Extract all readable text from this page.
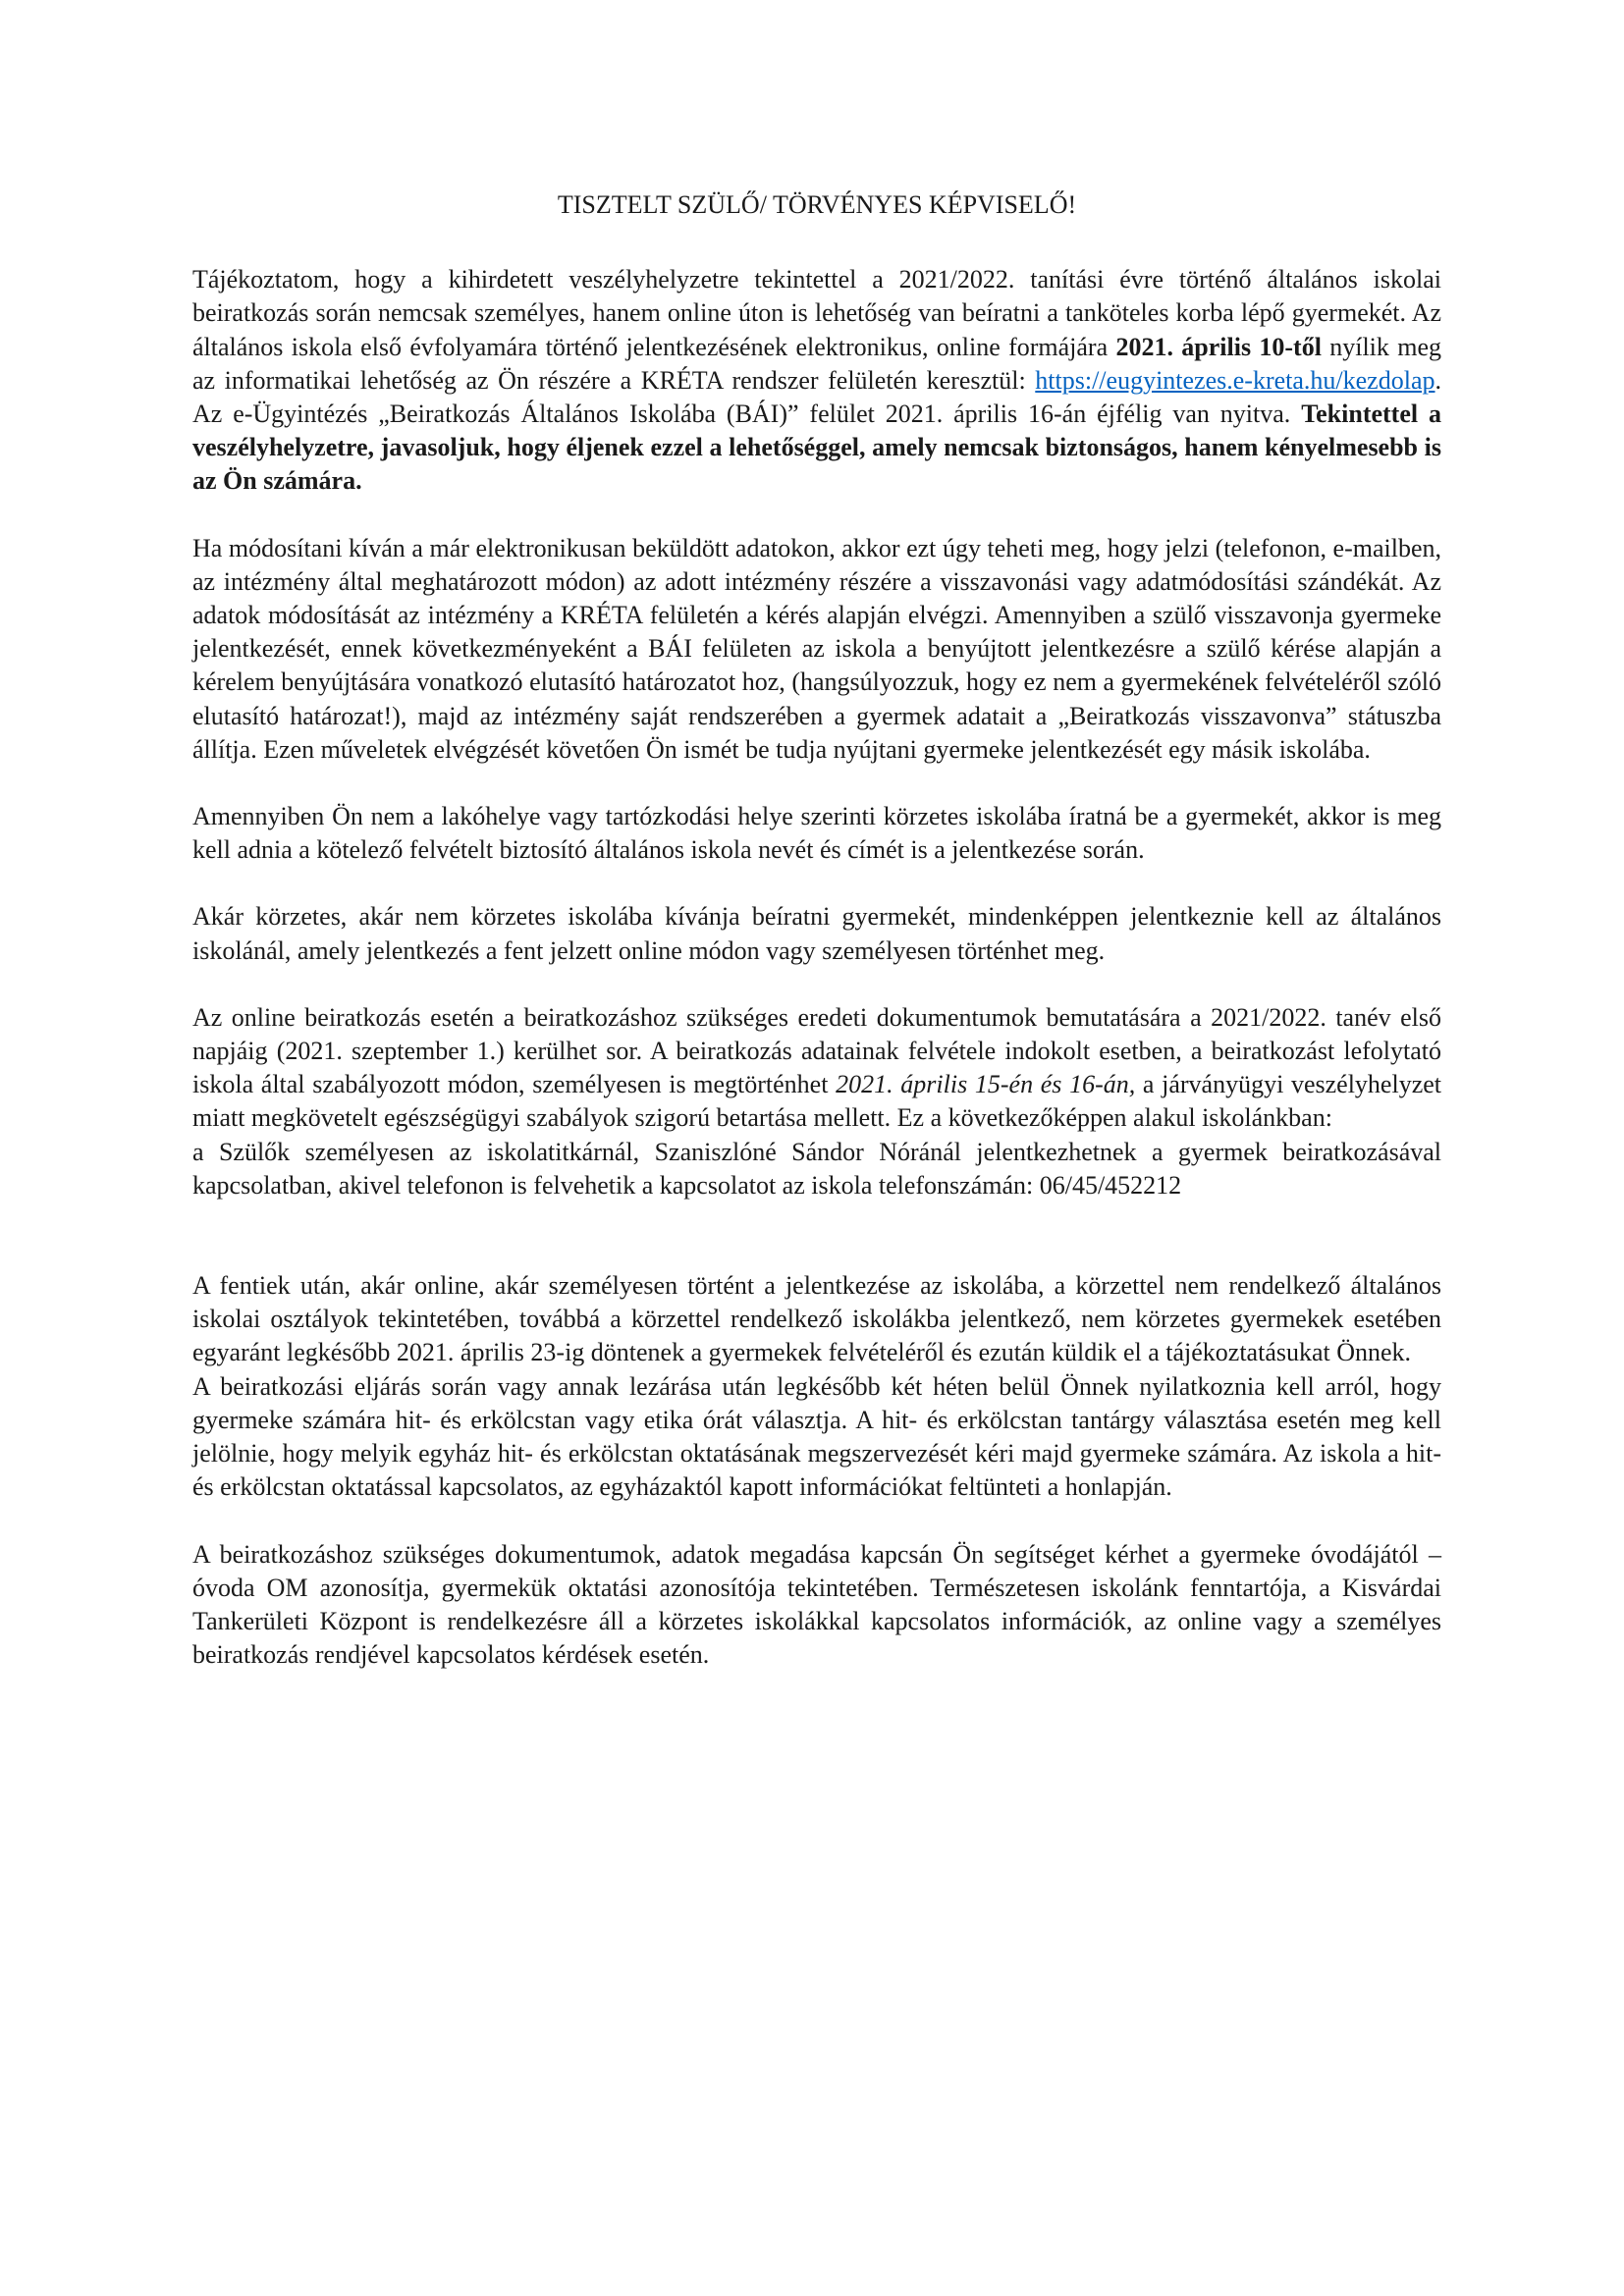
TISZTELT SZÜLŐ/ TÖRVÉNYES KÉPVISELŐ!

Tájékoztatom, hogy a kihirdetett veszélyhelyzetre tekintettel a 2021/2022. tanítási évre történő általános iskolai beiratkozás során nemcsak személyes, hanem online úton is lehetőség van beíratni a tanköteles korba lépő gyermekét. Az általános iskola első évfolyamára történő jelentkezésének elektronikus, online formájára 2021. április 10-től nyílik meg az informatikai lehetőség az Ön részére a KRÉTA rendszer felületén keresztül: https://eugyintezes.e-kreta.hu/kezdolap. Az e-Ügyintézés „Beiratkozás Általános Iskolába (BÁI)” felület 2021. április 16-án éjfélig van nyitva. Tekintettel a veszélyhelyzetre, javasoljuk, hogy éljenek ezzel a lehetőséggel, amely nemcsak biztonságos, hanem kényelmesebb is az Ön számára.

Ha módosítani kíván a már elektronikusan beküldött adatokon, akkor ezt úgy teheti meg, hogy jelzi (telefonon, e-mailben, az intézmény által meghatározott módon) az adott intézmény részére a visszavonási vagy adatmódosítási szándékát. Az adatok módosítását az intézmény a KRÉTA felületén a kérés alapján elvégzi. Amennyiben a szülő visszavonja gyermeke jelentkezését, ennek következményeként a BÁI felületen az iskola a benyújtott jelentkezésre a szülő kérése alapján a kérelem benyújtására vonatkozó elutasító határozatot hoz, (hangsúlyozzuk, hogy ez nem a gyermekének felvételéről szóló elutasító határozat!), majd az intézmény saját rendszerében a gyermek adatait a „Beiratkozás visszavonva” státuszba állítja. Ezen műveletek elvégzését követően Ön ismét be tudja nyújtani gyermeke jelentkezését egy másik iskolába.

Amennyiben Ön nem a lakóhelye vagy tartózkodási helye szerinti körzetes iskolába íratná be a gyermekét, akkor is meg kell adnia a kötelező felvételt biztosító általános iskola nevét és címét is a jelentkezése során.

Akár körzetes, akár nem körzetes iskolába kívánja beíratni gyermekét, mindenképpen jelentkeznie kell az általános iskolánál, amely jelentkezés a fent jelzett online módon vagy személyesen történhet meg.

Az online beiratkozás esetén a beiratkozáshoz szükséges eredeti dokumentumok bemutatására a 2021/2022. tanév első napjáig (2021. szeptember 1.) kerülhet sor. A beiratkozás adatainak felvétele indokolt esetben, a beiratkozást lefolytató iskola által szabályozott módon, személyesen is megtörténhet 2021. április 15-én és 16-án, a járványügyi veszélyhelyzet miatt megkövetelt egészségügyi szabályok szigorú betartása mellett. Ez a következőképpen alakul iskolánkban:

a Szülők személyesen az iskolatitkárnál, Szaniszlóné Sándor Nóránál jelentkezhetnek a gyermek beiratkozásával kapcsolatban, akivel telefonon is felvehetik a kapcsolatot az iskola telefonszámán: 06/45/452212

A fentiek után, akár online, akár személyesen történt a jelentkezése az iskolába, a körzettel nem rendelkező általános iskolai osztályok tekintetében, továbbá a körzettel rendelkező iskolákba jelentkező, nem körzetes gyermekek esetében egyaránt legkésőbb 2021. április 23-ig döntenek a gyermekek felvételéről és ezután küldik el a tájékoztatásukat Önnek.

A beiratkozási eljárás során vagy annak lezárása után legkésőbb két héten belül Önnek nyilatkoznia kell arról, hogy gyermeke számára hit- és erkölcstan vagy etika órát választja. A hit- és erkölcstan tantárgy választása esetén meg kell jelölnie, hogy melyik egyház hit- és erkölcstan oktatásának megszervezését kéri majd gyermeke számára. Az iskola a hit- és erkölcstan oktatással kapcsolatos, az egyházaktól kapott információkat feltünteti a honlapján.

A beiratkozáshoz szükséges dokumentumok, adatok megadása kapcsán Ön segítséget kérhet a gyermeke óvodájától – óvoda OM azonosítja, gyermekük oktatási azonosítója tekintetében. Természetesen iskolánk fenntartója, a Kisvárdai Tankerületi Központ is rendelkezésre áll a körzetes iskolákkal kapcsolatos információk, az online vagy a személyes beiratkozás rendjével kapcsolatos kérdések esetén.
